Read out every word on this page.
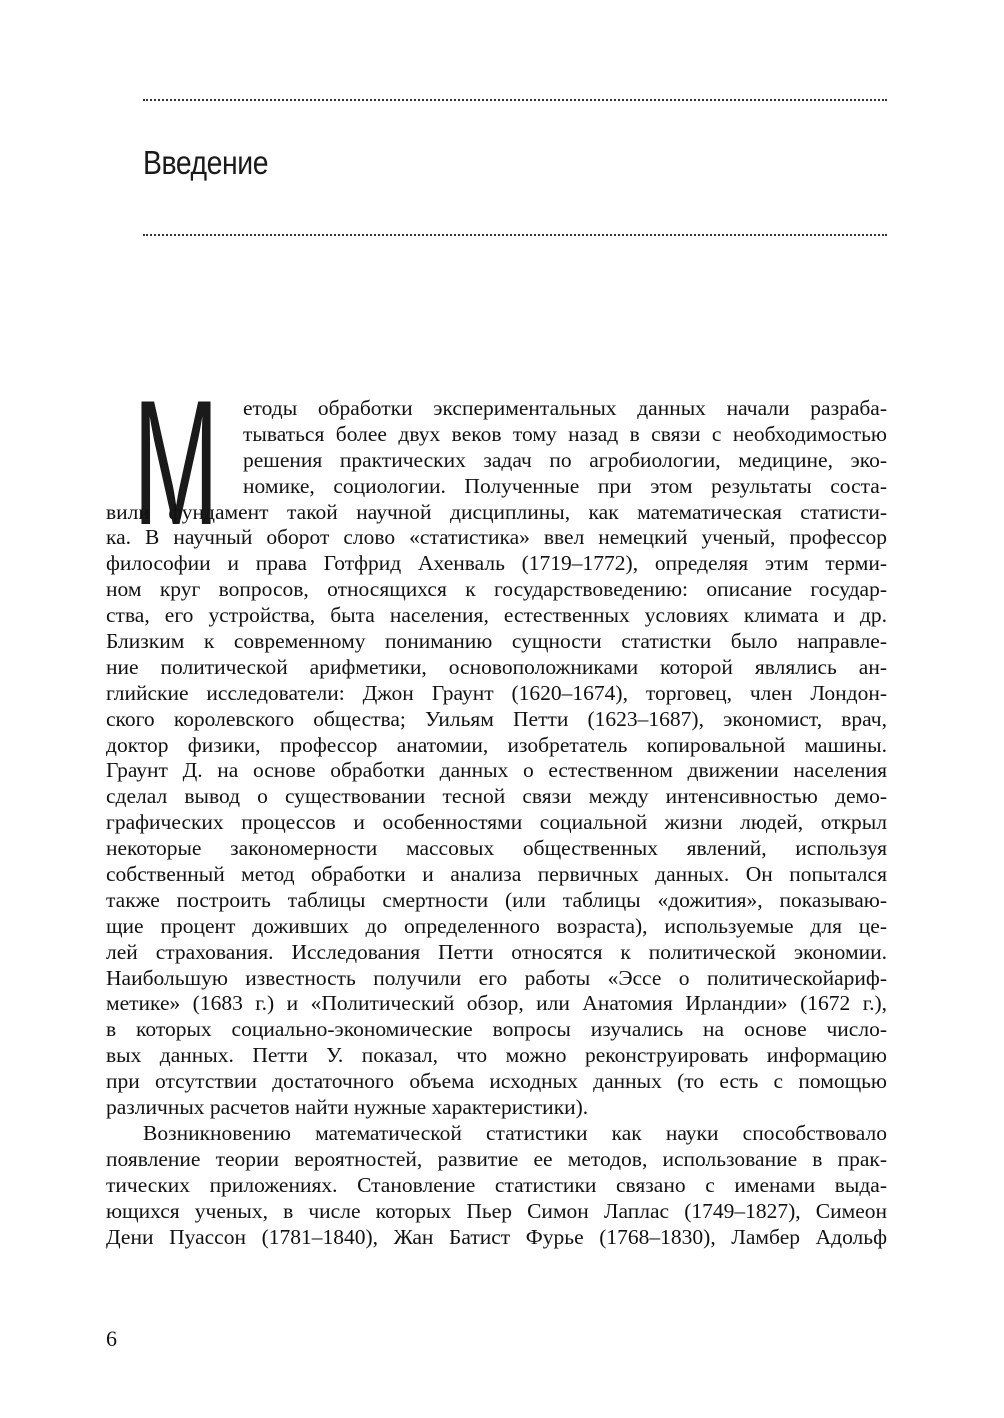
Введение
М	етоды обработки экспериментальных данных начали разраба-
тываться более двух веков тому назад в связи с необходимостью
решения практических задач по агробиологии, медицине, эко-
номике, социологии. Полученные при этом результаты соста-
вили фундамент такой научной дисциплины, как математическая статисти-
ка. В научный оборот слово «статистика» ввел немецкий ученый, профессор
философии и права Готфрид Ахенваль (1719–1772), определяя этим терми-
ном круг вопросов, относящихся к государствоведению: описание государ-
ства, его устройства, быта населения, естественных условиях климата и др.
Близким к современному пониманию сущности статистки было направле-
ние политической арифметики, основоположниками которой являлись ан-
глийские исследователи: Джон Граунт (1620–1674), торговец, член Лондон-
ского королевского общества; Уильям Петти (1623–1687), экономист, врач,
доктор физики, профессор анатомии, изобретатель копировальной машины.
Граунт Д. на основе обработки данных о естественном движении населения
сделал вывод о существовании тесной связи между интенсивностью демо-
графических процессов и особенностями социальной жизни людей, открыл
некоторые закономерности массовых общественных явлений, используя
собственный метод обработки и анализа первичных данных. Он попытался
также построить таблицы смертности (или таблицы «дожития», показываю-
щие процент доживших до определенного возраста), используемые для це-
лей страхования. Исследования Петти относятся к политической экономии.
Наибольшую известность получили его работы «Эссе о политическойариф-
метике» (1683 г.) и «Политический обзор, или Анатомия Ирландии» (1672 г.),
в которых социально-экономические вопросы изучались на основе числo-
вых данных. Петти У. показал, что можно реконструировать информацию
при отсутствии достаточного объема исходных данных (то есть с помощью
различных расчетов найти нужные характеристики).
Возникновению математической статистики как науки способствовало
появление теории вероятностей, развитие ее методов, использование в прак-
тических приложениях. Становление статистики связано с именами выда-
ющихся ученых, в числе которых Пьер Симон Лаплас (1749–1827), Симеон
Дени Пуассон (1781–1840), Жан Батист Фурье (1768–1830), Ламбер Адольф
6
